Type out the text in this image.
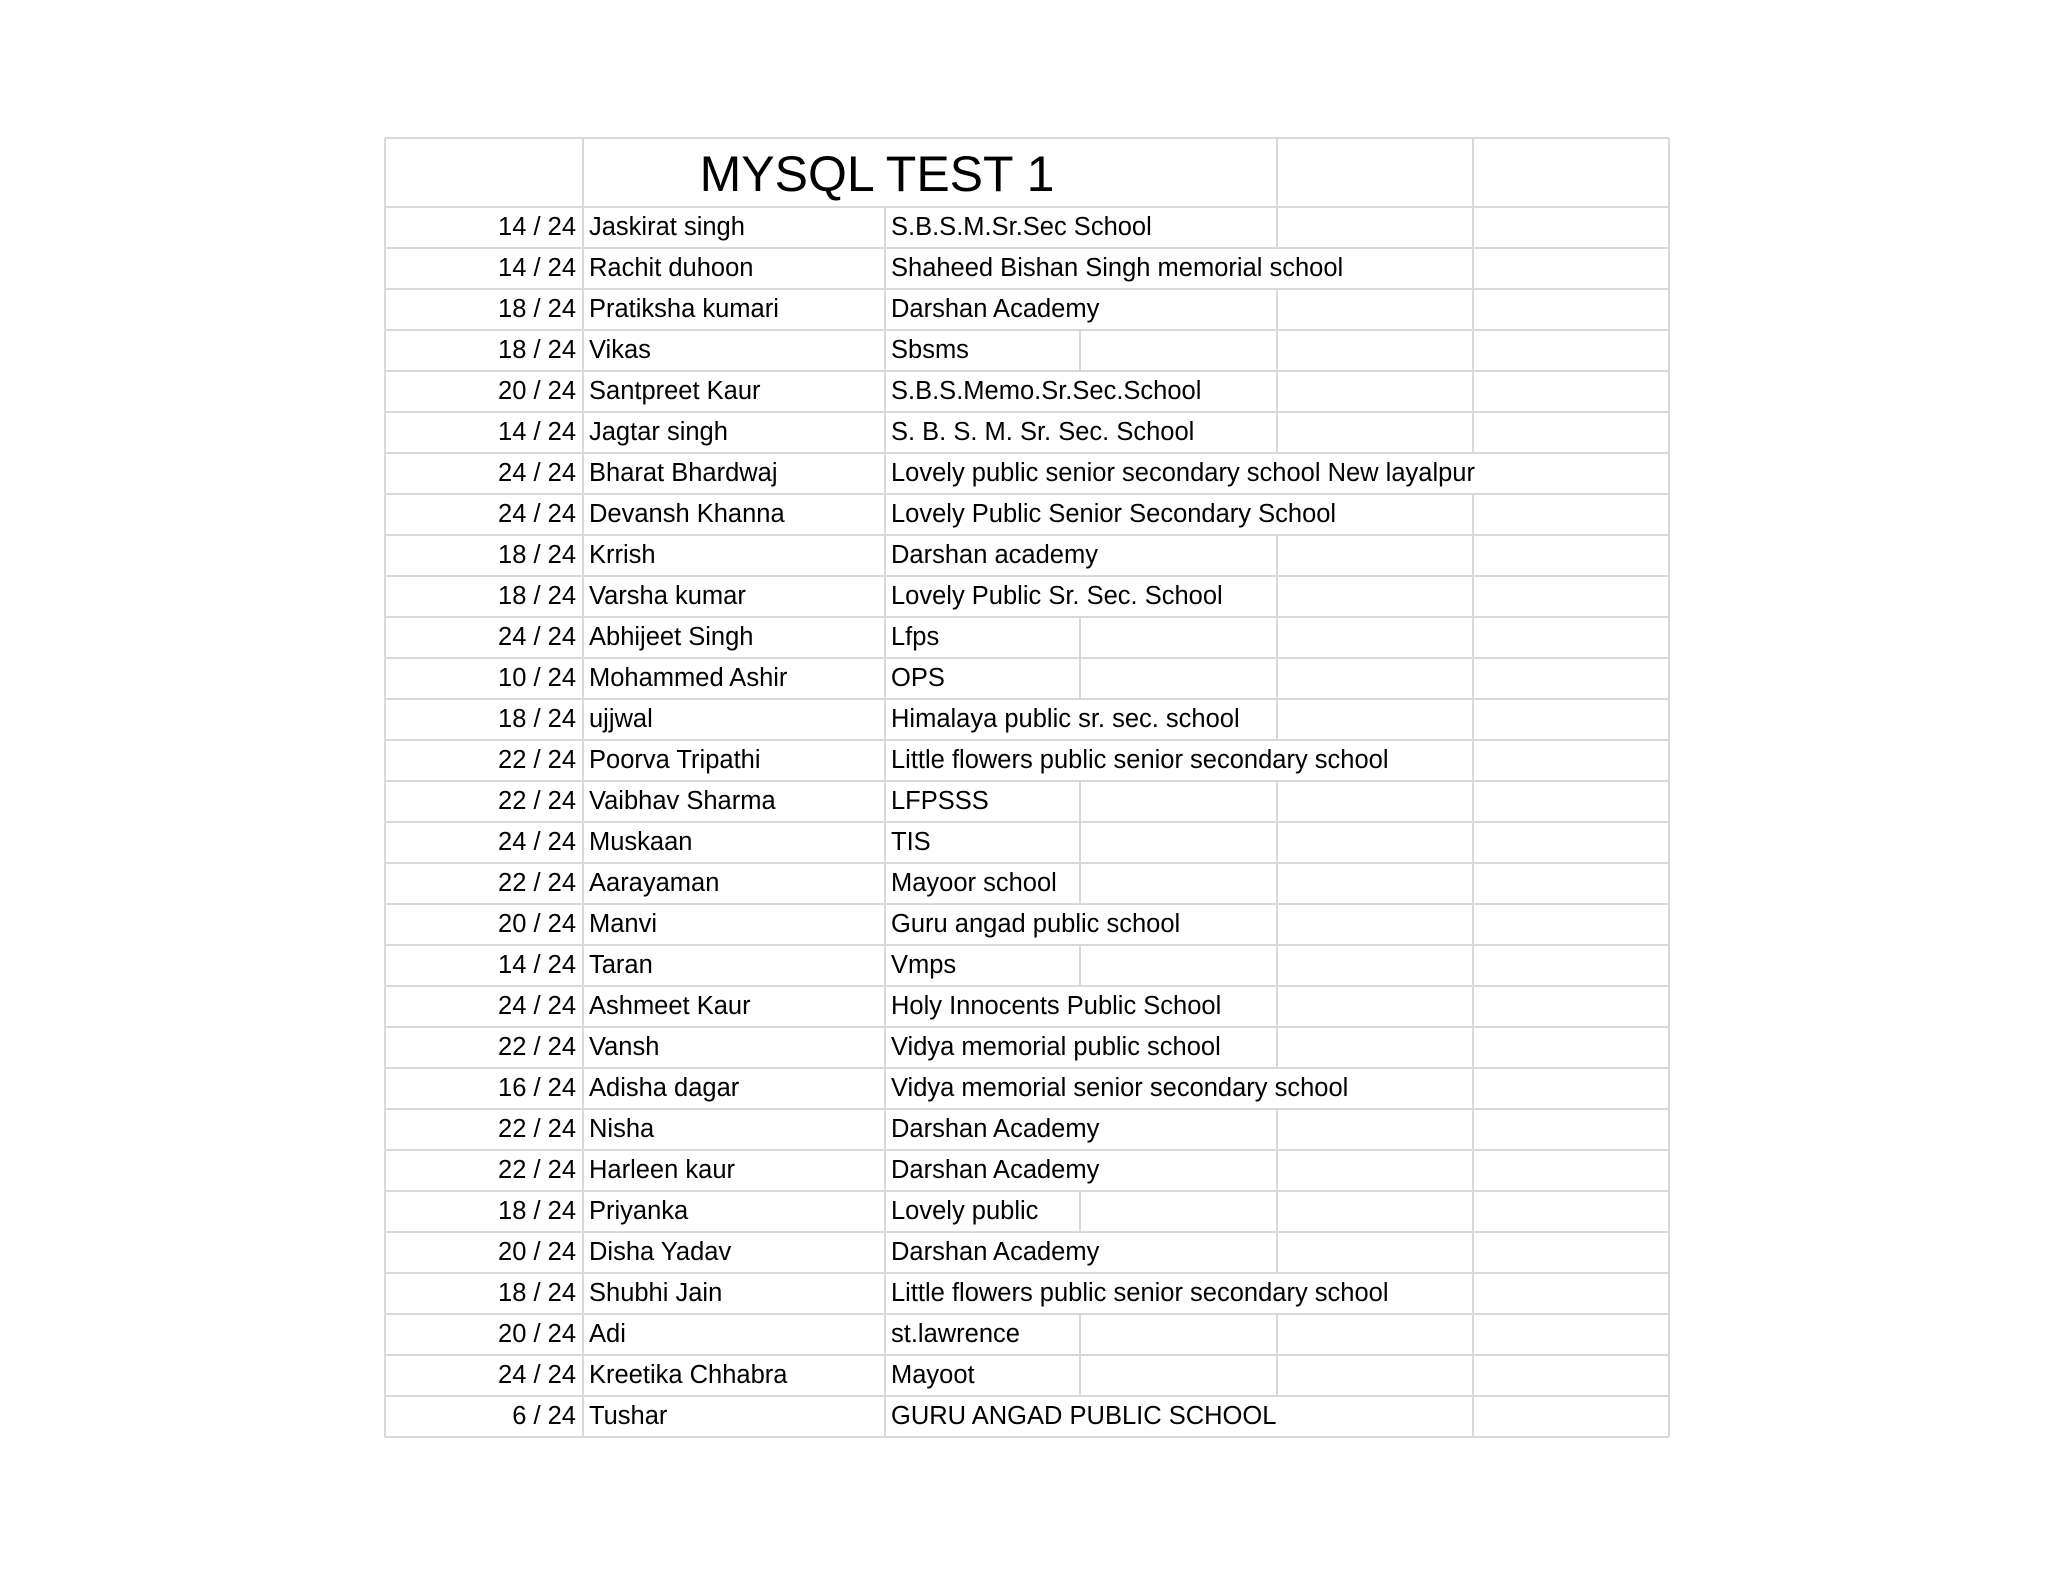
MYSQL TEST 1
14 / 24 Jaskirat singh	S.B.S.M.Sr.Sec School
14 / 24 Rachit duhoon	Shaheed Bishan Singh memorial school
18 / 24 Pratiksha kumari	Darshan Academy
18 / 24 Vikas	Sbsms
20 / 24 Santpreet Kaur	S.B.S.Memo.Sr.Sec.School
14 / 24 Jagtar singh	S. B. S. M. Sr. Sec. School
24 / 24 Bharat Bhardwaj	Lovely public senior secondary school New layalpur
24 / 24 Devansh Khanna	Lovely Public Senior Secondary School
18 / 24 Krrish	Darshan academy
18 / 24 Varsha kumar	Lovely Public Sr. Sec. School
24 / 24 Abhijeet Singh	Lfps
10 / 24 Mohammed Ashir	OPS
18 / 24 ujjwal	Himalaya public sr. sec. school
22 / 24 Poorva Tripathi	Little flowers public senior secondary school
22 / 24 Vaibhav Sharma	LFPSSS
24 / 24 Muskaan	TIS
22 / 24 Aarayaman	Mayoor school
20 / 24 Manvi	Guru angad public school
14 / 24 Taran	Vmps
24 / 24 Ashmeet Kaur	Holy Innocents Public School
22 / 24 Vansh	Vidya memorial public school
16 / 24 Adisha dagar	Vidya memorial senior secondary school
22 / 24 Nisha	Darshan Academy
22 / 24 Harleen kaur	Darshan Academy
18 / 24 Priyanka	Lovely public
20 / 24 Disha Yadav	Darshan Academy
18 / 24 Shubhi Jain	Little flowers public senior secondary school
20 / 24 Adi	st.lawrence
24 / 24 Kreetika Chhabra	Mayoot
6 / 24 Tushar	GURU ANGAD PUBLIC SCHOOL
